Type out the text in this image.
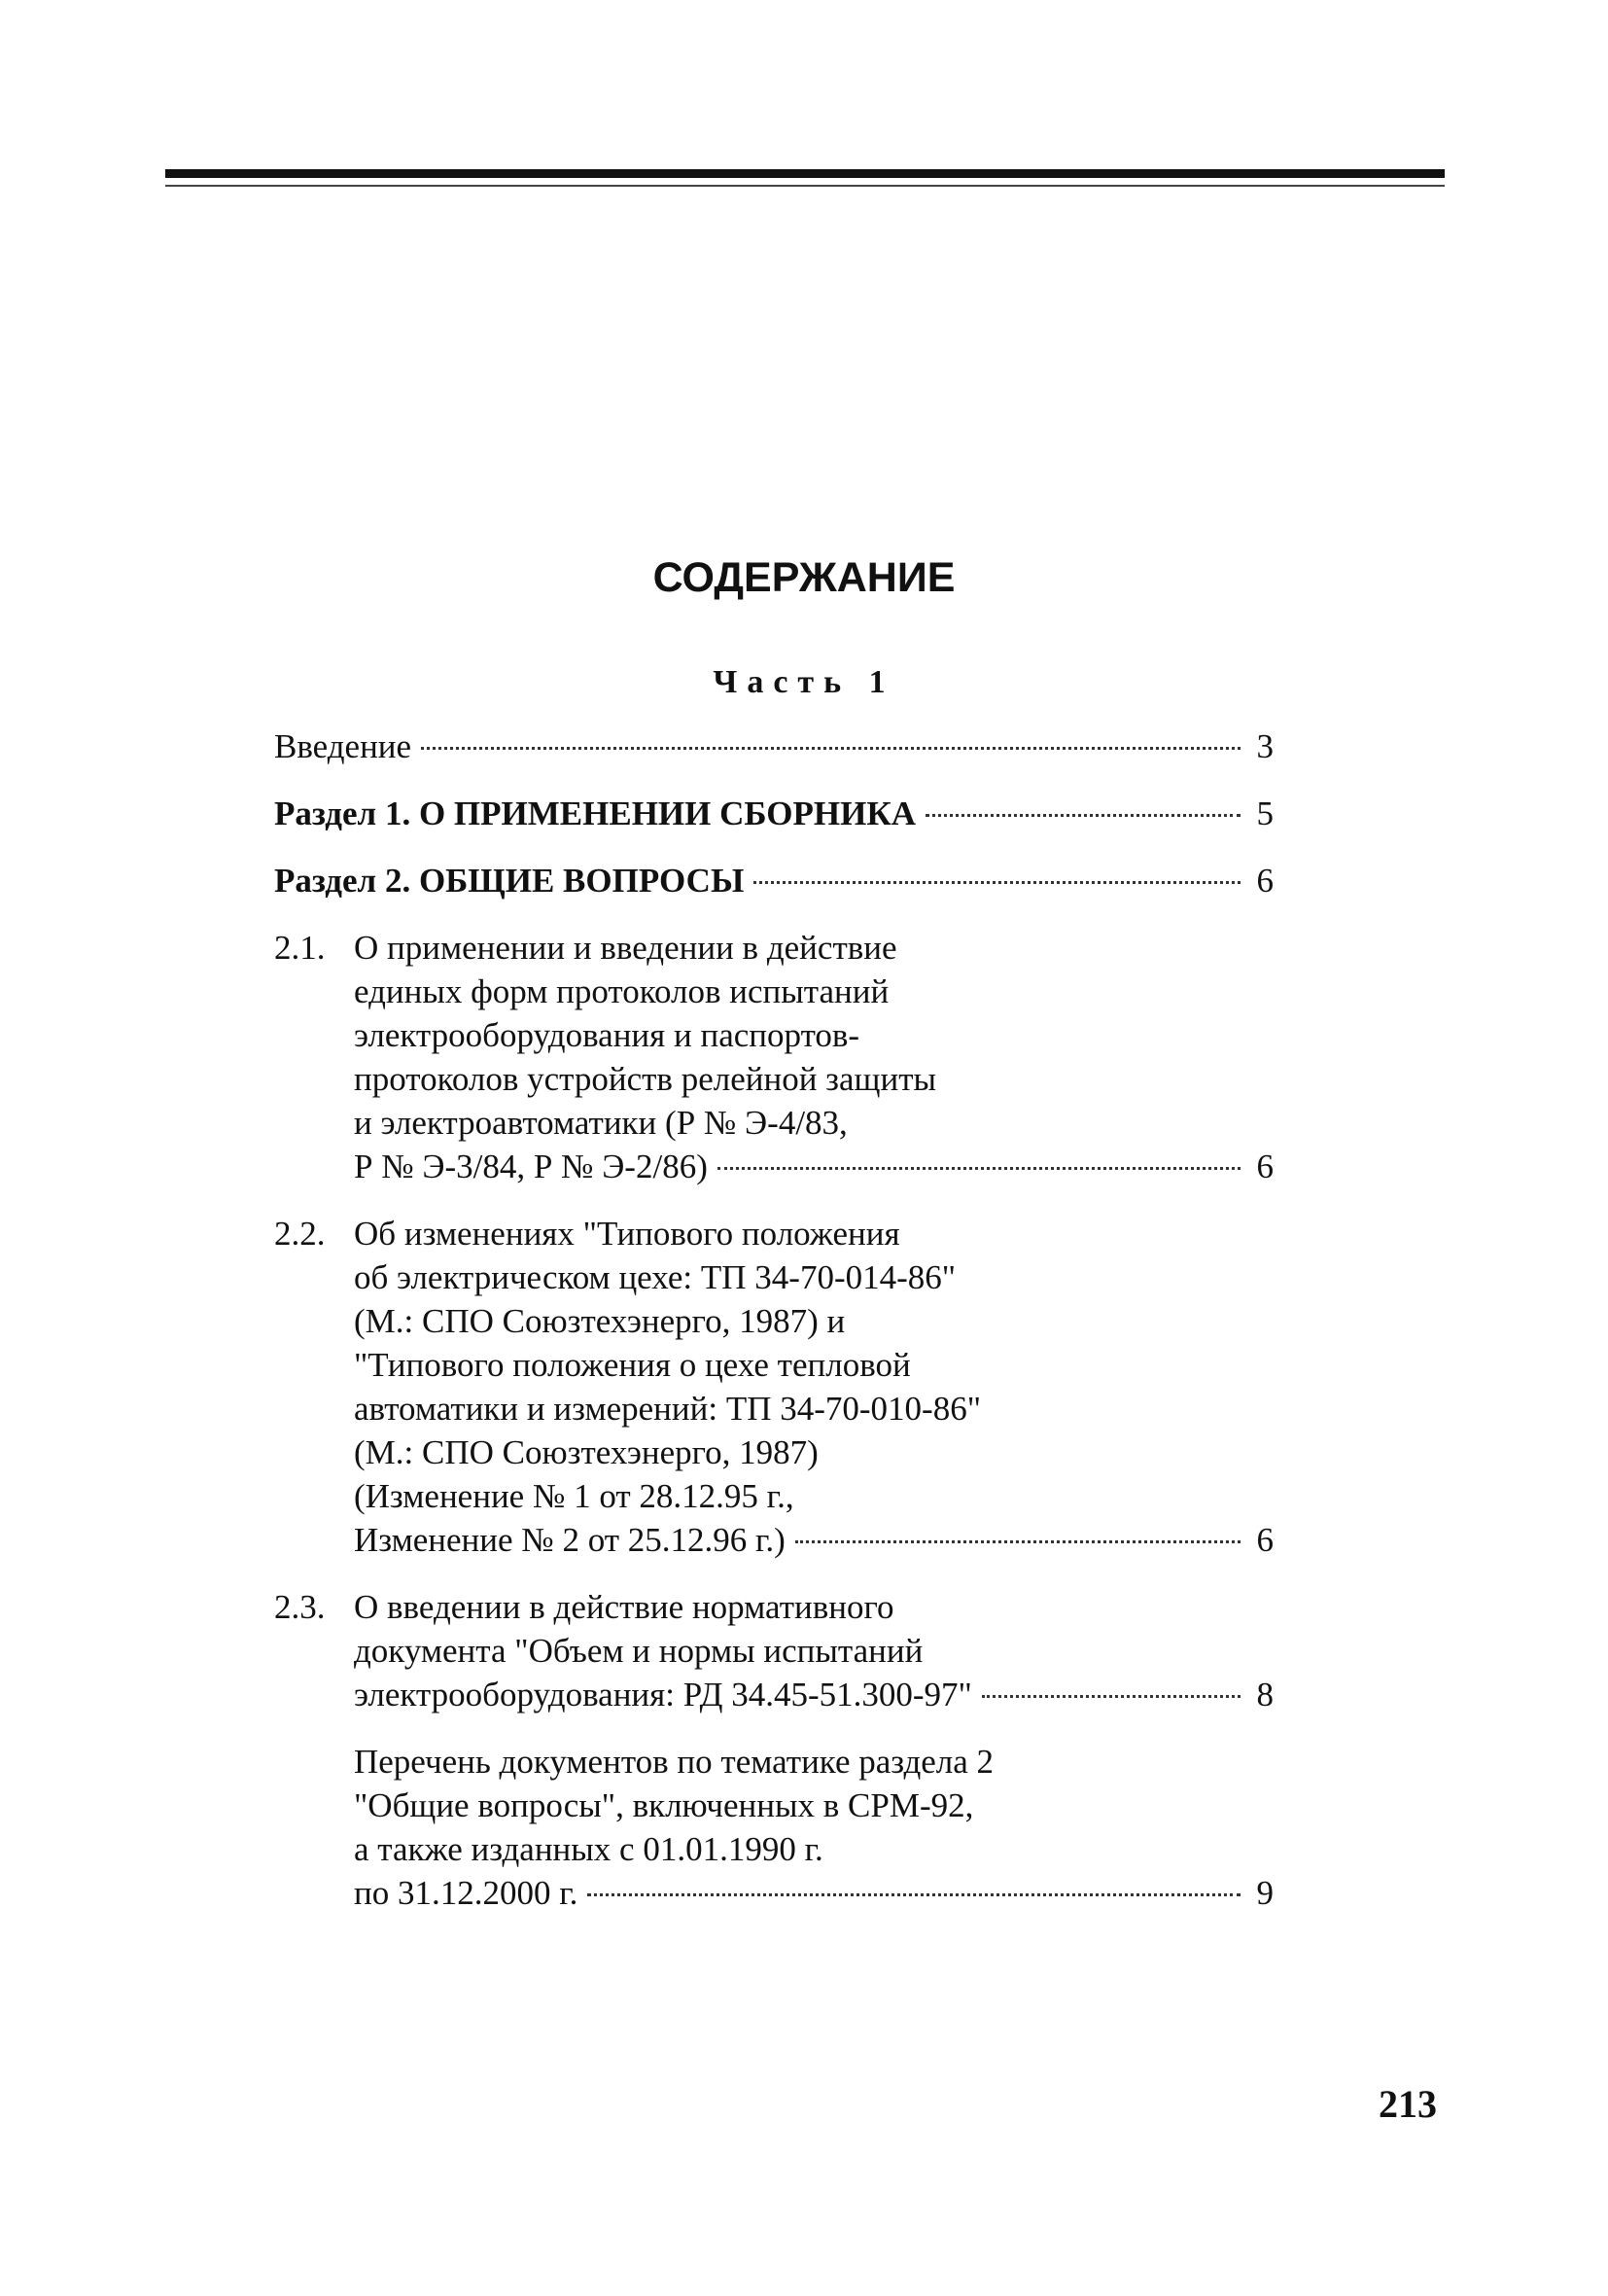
СОДЕРЖАНИЕ
Часть 1
Введение	3
Раздел 1. О ПРИМЕНЕНИИ СБОРНИКА	5
Раздел 2. ОБЩИЕ ВОПРОСЫ	6
2.1. О применении и введении в действие
единых форм протоколов испытаний
электрооборудования и паспортов-
протоколов устройств релейной защиты
и электроавтоматики (Р № Э-4/83,
Р № Э-3/84, Р № Э-2/86)	6
2.2. Об изменениях "Типового положения
об электрическом цехе: ТП 34-70-014-86"
(М.: СПО Союзтехэнерго, 1987) и
"Типового положения о цехе тепловой
автоматики и измерений: ТП 34-70-010-86"
(М.: СПО Союзтехэнерго, 1987)
(Изменение № 1 от 28.12.95 г.,
Изменение № 2 от 25.12.96 г.)	6
2.3. О введении в действие нормативного
документа "Объем и нормы испытаний
электрооборудования: РД 34.45-51.300-97"	8
Перечень документов по тематике раздела 2
"Общие вопросы", включенных в СРМ-92,
а также изданных с 01.01.1990 г.
по 31.12.2000 г.	9
213
